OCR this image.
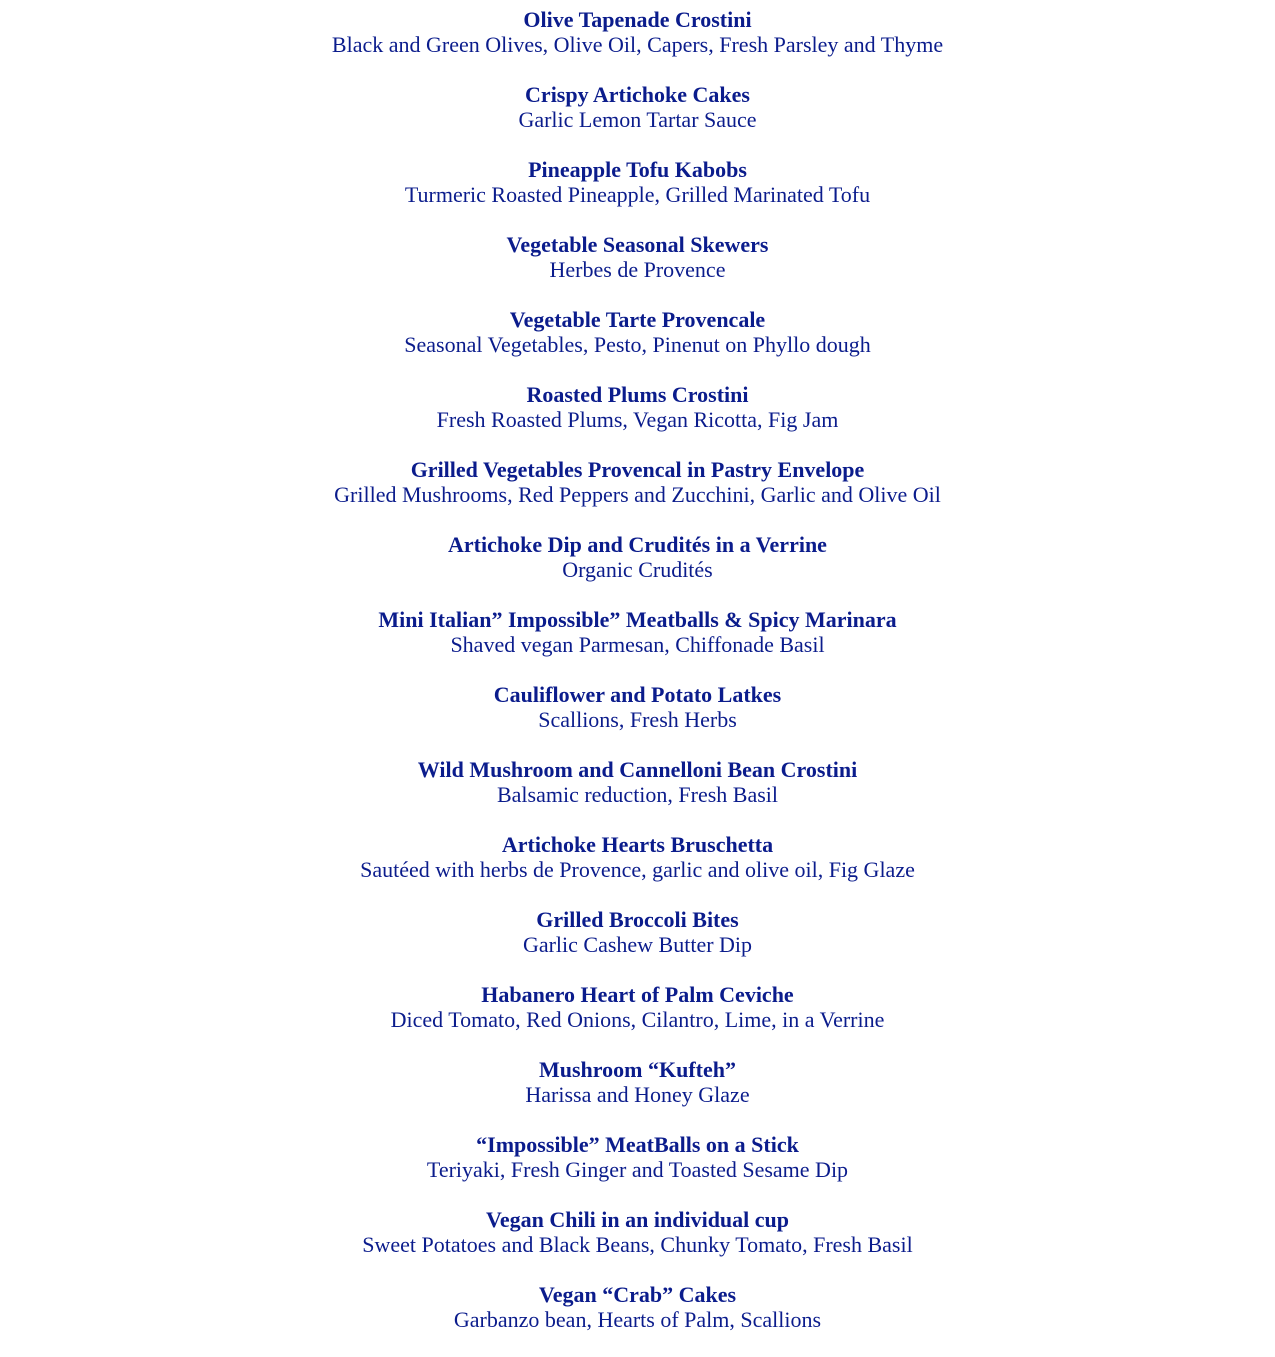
Olive Tapenade Crostini
Black and Green Olives, Olive Oil, Capers, Fresh Parsley and Thyme
Crispy Artichoke Cakes
Garlic Lemon Tartar Sauce
Pineapple Tofu Kabobs
Turmeric Roasted Pineapple, Grilled Marinated Tofu
Vegetable Seasonal Skewers
Herbes de Provence
Vegetable Tarte Provencale
Seasonal Vegetables, Pesto, Pinenut on Phyllo dough
Roasted Plums Crostini
Fresh Roasted Plums, Vegan Ricotta, Fig Jam
Grilled Vegetables Provencal in Pastry Envelope
Grilled Mushrooms, Red Peppers and Zucchini, Garlic and Olive Oil
Artichoke Dip and Crudités in a Verrine
Organic Crudités
Mini Italian” Impossible” Meatballs & Spicy Marinara
Shaved vegan Parmesan, Chiffonade Basil
Cauliflower and Potato Latkes
Scallions, Fresh Herbs
Wild Mushroom and Cannelloni Bean Crostini
Balsamic reduction, Fresh Basil
Artichoke Hearts Bruschetta
Sautéed with herbs de Provence, garlic and olive oil, Fig Glaze
Grilled Broccoli Bites
Garlic Cashew Butter Dip
Habanero Heart of Palm Ceviche
Diced Tomato, Red Onions, Cilantro, Lime, in a Verrine
Mushroom “Kufteh”
Harissa and Honey Glaze
“Impossible” MeatBalls on a Stick
Teriyaki, Fresh Ginger and Toasted Sesame Dip
Vegan Chili in an individual cup
Sweet Potatoes and Black Beans, Chunky Tomato, Fresh Basil
Vegan “Crab” Cakes
Garbanzo bean, Hearts of Palm, Scallions
